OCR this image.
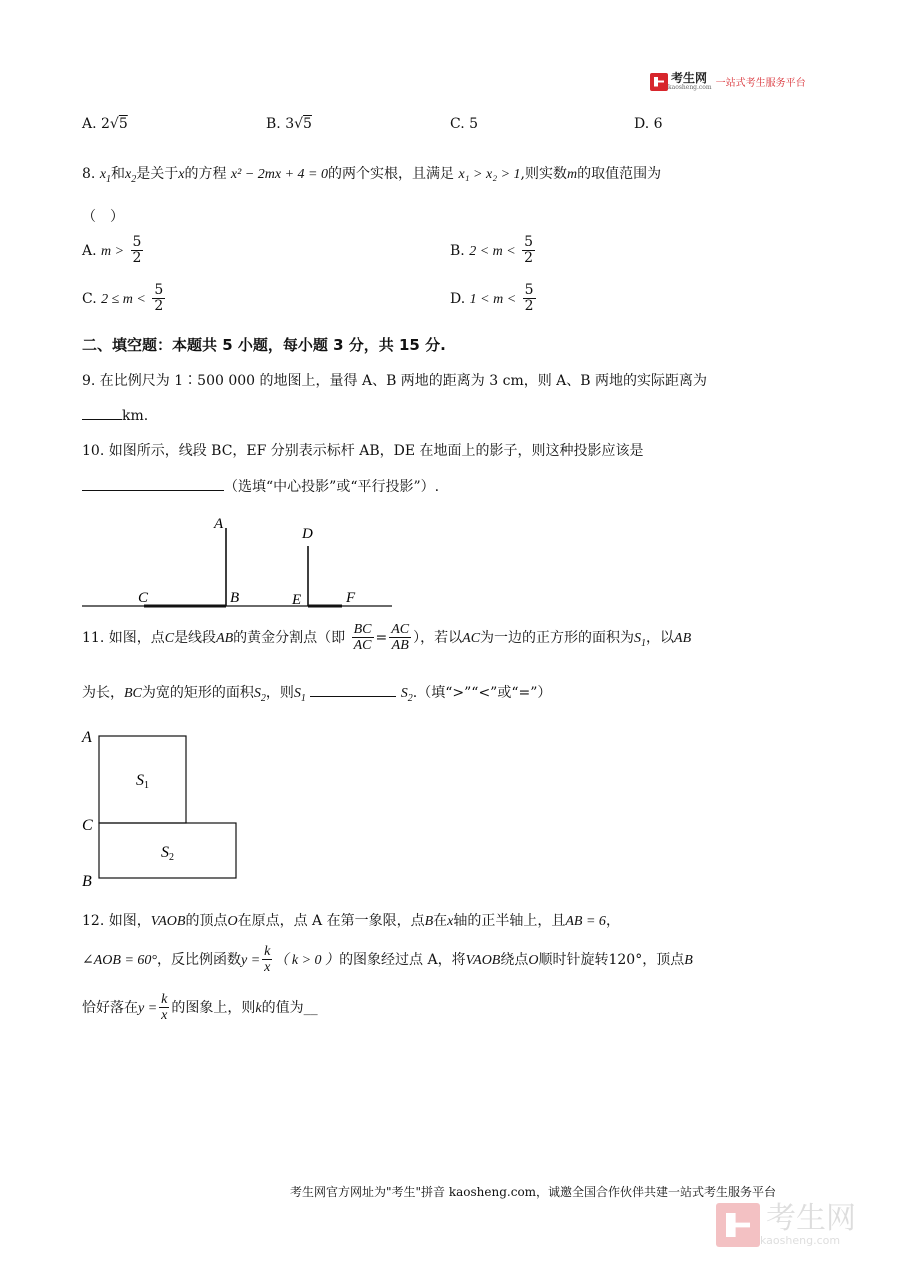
考生网
kaosheng.com 一站式考生服务平台
A. 2√5	B. 3√5	C. 5	D. 6
8. $x_1$和$x_2$是关于x的方程 x² − 2mx + 4 = 0的两个实根，且满足 x₁ > x₂ > 1,则实数m的取值范围为
（　）
A. $m > \frac{5}{2}$	B. $2 < m < \frac{5}{2}$
C. $2 \le m < \frac{5}{2}$	D. $1 < m < \frac{5}{2}$
二、填空题：本题共 5 小题，每小题 3 分，共 15 分.
9. 在比例尺为 1∶500 000 的地图上，量得 A、B 两地的距离为 3 cm，则 A、B 两地的实际距离为
km.
10. 如图所示，线段 BC，EF 分别表示标杆 AB，DE 在地面上的影子，则这种投影应该是
（选填“中心投影”或“平行投影”）.
A
B
C
D
E	F
11. 如图，点C是线段AB的黄金分割点（即 $\frac{BC}{AC} = \frac{AC}{AB}$ ），若以AC为一边的正方形的面积为$S_1$，以AB
为长，BC为宽的矩形的面积$S_2$，则$S_1$	$S_2$.（填“>”“<”或“=”）
A
C
B
S1
S2
12. 如图，VAOB的顶点O在原点，点 A 在第一象限，点B在x轴的正半轴上，且AB = 6，
∠AOB = 60°，反比例函数$y = \frac{k}{x}$ （ k > 0 ）的图象经过点 A，将VAOB绕点O顺时针旋转120°，顶点B
恰好落在$y = \frac{k}{x}$ 的图象上，则k的值为__
考生网官方网址为"考生"拼音 kaosheng.com，诚邀全国合作伙伴共建一站式考生服务平台
考生网
kaosheng.com
